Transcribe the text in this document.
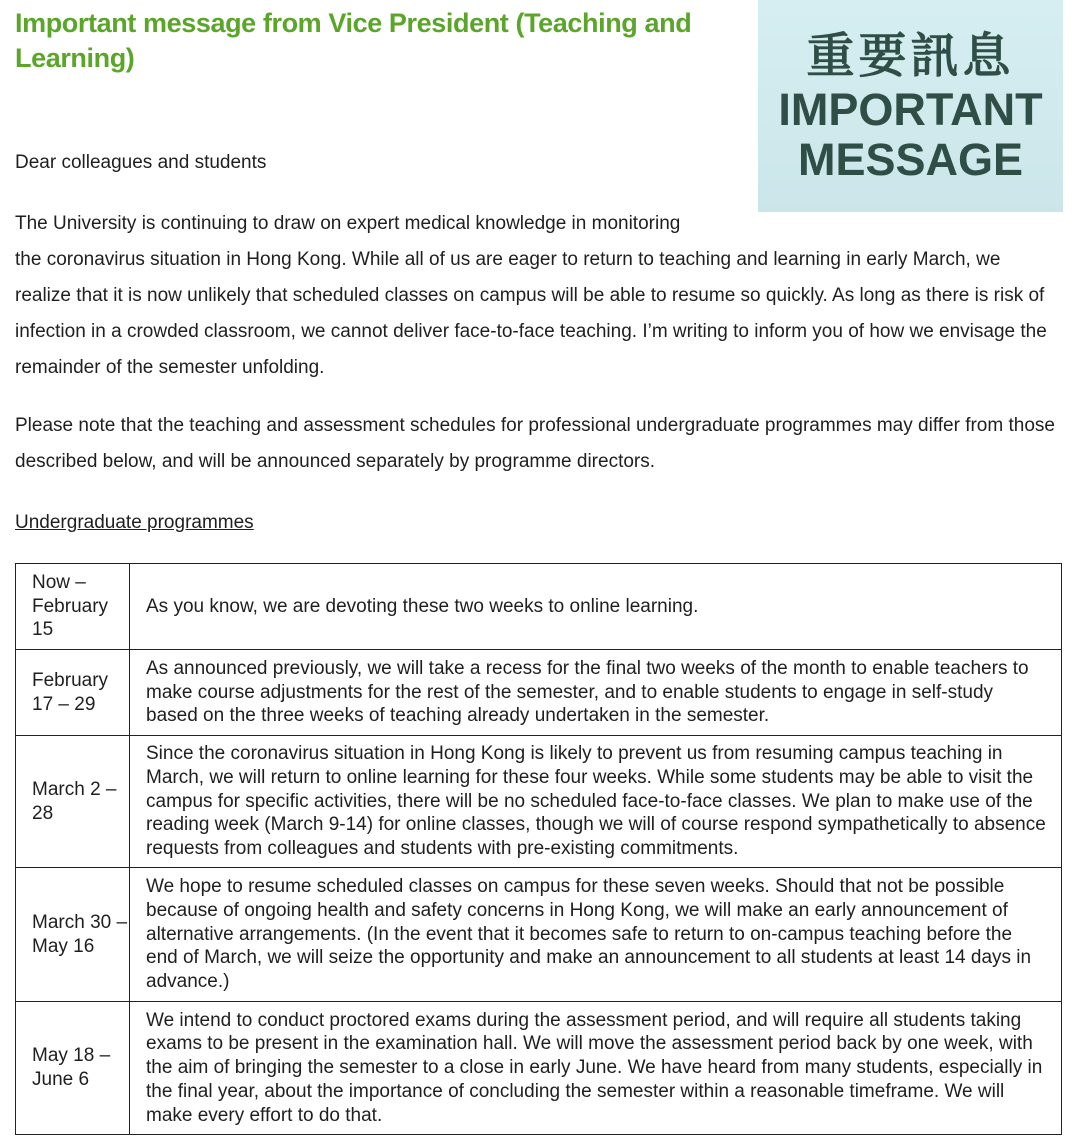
Important message from Vice President (Teaching and Learning)	重要訊息
IMPORTANT
MESSAGE

Dear colleagues and students

The University is continuing to draw on expert medical knowledge in monitoring
the coronavirus situation in Hong Kong. While all of us are eager to return to teaching and learning in early March, we realize that it is now unlikely that scheduled classes on campus will be able to resume so quickly. As long as there is risk of infection in a crowded classroom, we cannot deliver face-to-face teaching. I’m writing to inform you of how we envisage the remainder of the semester unfolding.

Please note that the teaching and assessment schedules for professional undergraduate programmes may differ from those described below, and will be announced separately by programme directors.

Undergraduate programmes

Now – February 15	As you know, we are devoting these two weeks to online learning.
February 17 – 29	As announced previously, we will take a recess for the final two weeks of the month to enable teachers to make course adjustments for the rest of the semester, and to enable students to engage in self-study based on the three weeks of teaching already undertaken in the semester.
March 2 – 28	Since the coronavirus situation in Hong Kong is likely to prevent us from resuming campus teaching in March, we will return to online learning for these four weeks. While some students may be able to visit the campus for specific activities, there will be no scheduled face-to-face classes. We plan to make use of the reading week (March 9-14) for online classes, though we will of course respond sympathetically to absence requests from colleagues and students with pre-existing commitments.
March 30 – May 16	We hope to resume scheduled classes on campus for these seven weeks. Should that not be possible because of ongoing health and safety concerns in Hong Kong, we will make an early announcement of alternative arrangements. (In the event that it becomes safe to return to on-campus teaching before the end of March, we will seize the opportunity and make an announcement to all students at least 14 days in advance.)
May 18 – June 6	We intend to conduct proctored exams during the assessment period, and will require all students taking exams to be present in the examination hall. We will move the assessment period back by one week, with the aim of bringing the semester to a close in early June. We have heard from many students, especially in the final year, about the importance of concluding the semester within a reasonable timeframe. We will make every effort to do that.
